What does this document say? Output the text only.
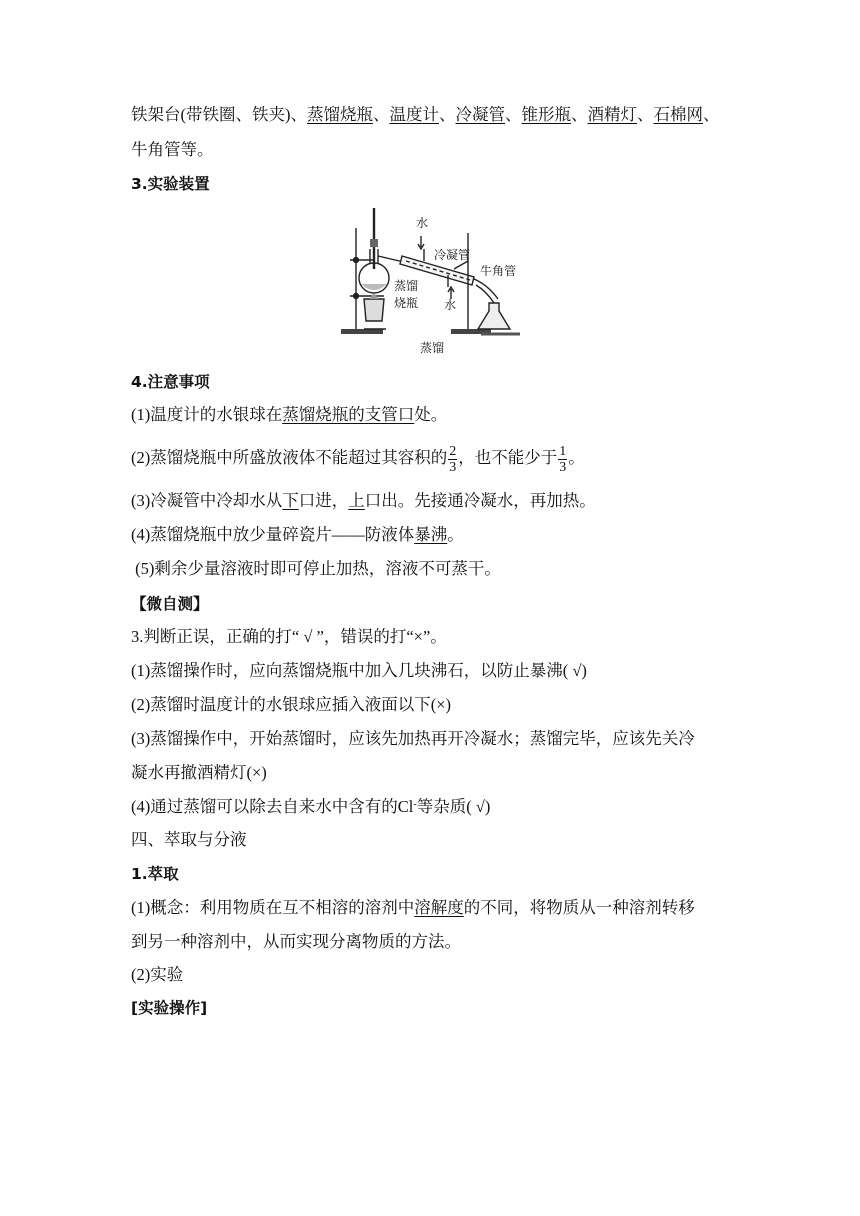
铁架台(带铁圈、铁夹)、蒸馏烧瓶、温度计、冷凝管、锥形瓶、酒精灯、石棉网、
牛角管等。
3.实验装置
水
冷凝管
牛角管
蒸馏
烧瓶 水
蒸馏
4.注意事项
(1)温度计的水银球在蒸馏烧瓶的支管口处。
(2)蒸馏烧瓶中所盛放液体不能超过其容积的 $\frac{2}{3}$ ，也不能少于 $\frac{1}{3}$ 。
(3)冷凝管中冷却水从下口进，上口出。先接通冷凝水，再加热。
(4)蒸馏烧瓶中放少量碎瓷片——防液体暴沸。
(5)剩余少量溶液时即可停止加热，溶液不可蒸干。
【微自测】
3.判断正误，正确的打“ √ ”，错误的打“×”。
(1)蒸馏操作时，应向蒸馏烧瓶中加入几块沸石，以防止暴沸( √)
(2)蒸馏时温度计的水银球应插入液面以下(×)
(3)蒸馏操作中，开始蒸馏时，应该先加热再开冷凝水；蒸馏完毕，应该先关冷
凝水再撤酒精灯(×)
(4)通过蒸馏可以除去自来水中含有的Cl-等杂质( √)
四、萃取与分液
1.萃取
(1)概念：利用物质在互不相溶的溶剂中溶解度的不同，将物质从一种溶剂转移
到另一种溶剂中，从而实现分离物质的方法。
(2)实验
[实验操作]
